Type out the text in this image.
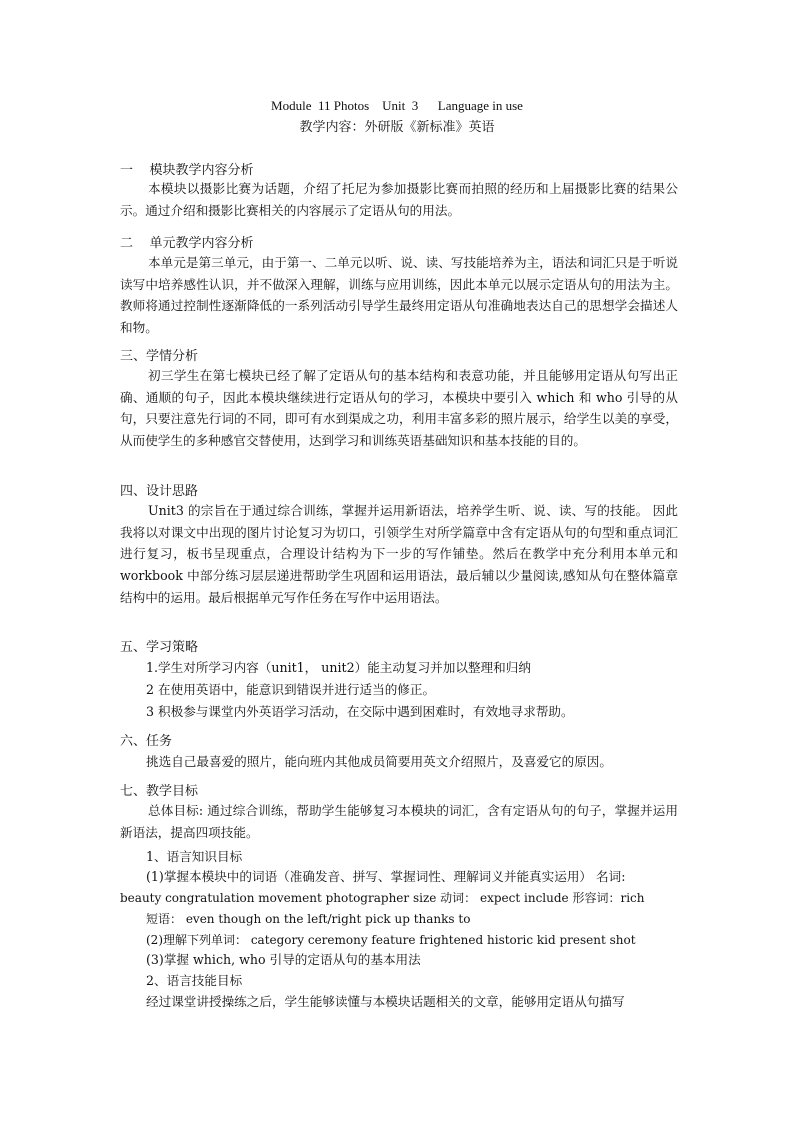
Module  11 Photos    Unit  3      Language in use
教学内容：外研版《新标准》英语
一    模块教学内容分析

本模块以摄影比赛为话题，介绍了托尼为参加摄影比赛而拍照的经历和上届摄影比赛的结果公示。通过介绍和摄影比赛相关的内容展示了定语从句的用法。

二    单元教学内容分析

本单元是第三单元，由于第一、二单元以听、说、读、写技能培养为主，语法和词汇只是于听说读写中培养感性认识，并不做深入理解，训练与应用训练，因此本单元以展示定语从句的用法为主。教师将通过控制性逐渐降低的一系列活动引导学生最终用定语从句准确地表达自己的思想学会描述人和物。

三、学情分析

初三学生在第七模块已经了解了定语从句的基本结构和表意功能，并且能够用定语从句写出正确、通顺的句子，因此本模块继续进行定语从句的学习，本模块中要引入 which 和 who 引导的从句，只要注意先行词的不同，即可有水到渠成之功，利用丰富多彩的照片展示，给学生以美的享受，从而使学生的多种感官交替使用，达到学习和训练英语基础知识和基本技能的目的。

四、设计思路

Unit3 的宗旨在于通过综合训练，掌握并运用新语法，培养学生听、说、读、写的技能。 因此我将以对课文中出现的图片讨论复习为切口，引领学生对所学篇章中含有定语从句的句型和重点词汇进行复习，板书呈现重点，合理设计结构为下一步的写作铺垫。然后在教学中充分利用本单元和 workbook 中部分练习层层递进帮助学生巩固和运用语法，最后辅以少量阅读,感知从句在整体篇章结构中的运用。最后根据单元写作任务在写作中运用语法。

五、学习策略
1.学生对所学习内容（unit1， unit2）能主动复习并加以整理和归纳
2 在使用英语中，能意识到错误并进行适当的修正。
3 积极参与课堂内外英语学习活动，在交际中遇到困难时，有效地寻求帮助。
六、任务
挑选自己最喜爱的照片，能向班内其他成员简要用英文介绍照片，及喜爱它的原因。
七、教学目标

总体目标: 通过综合训练，帮助学生能够复习本模块的词汇，含有定语从句的句子，掌握并运用新语法，提高四项技能。

1、语言知识目标
(1)掌握本模块中的词语（准确发音、拼写、掌握词性、理解词义并能真实运用） 名词:
beauty congratulation movement photographer size 动词： expect include 形容词：rich
短语： even though on the left/right pick up thanks to
(2)理解下列单词： category ceremony feature frightened historic kid present shot
(3)掌握 which, who 引导的定语从句的基本用法
2、语言技能目标
经过课堂讲授操练之后，学生能够读懂与本模块话题相关的文章，能够用定语从句描写
